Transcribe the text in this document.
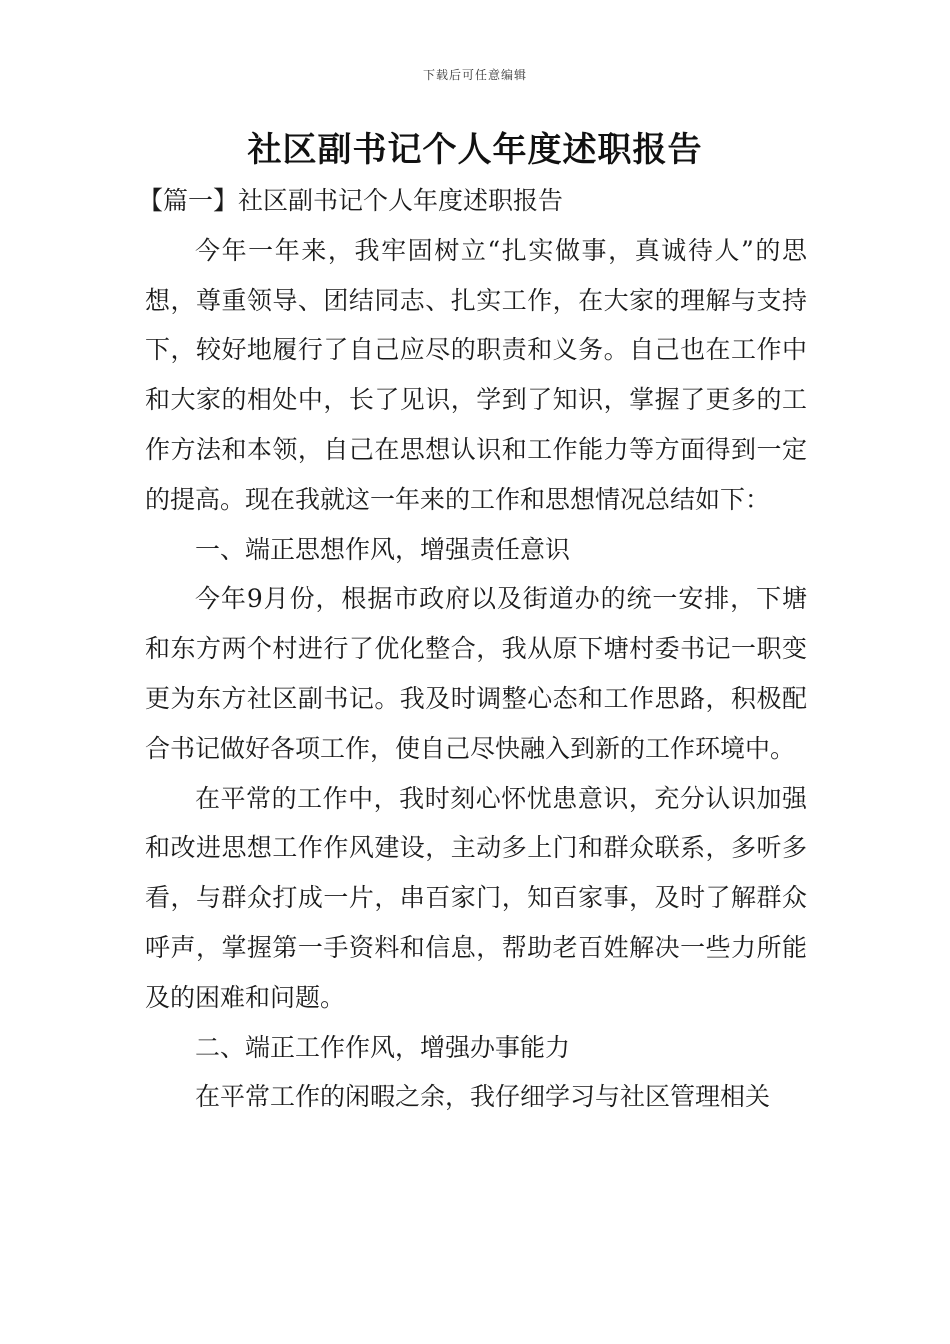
下载后可任意编辑
社区副书记个人年度述职报告

【篇一】社区副书记个人年度述职报告

今年一年来，我牢固树立“扎实做事，真诚待人”的思想，尊重领导、团结同志、扎实工作，在大家的理解与支持下，较好地履行了自己应尽的职责和义务。自己也在工作中和大家的相处中，长了见识，学到了知识，掌握了更多的工作方法和本领，自己在思想认识和工作能力等方面得到一定的提高。现在我就这一年来的工作和思想情况总结如下：

一、端正思想作风，增强责任意识

今年9月份，根据市政府以及街道办的统一安排，下塘和东方两个村进行了优化整合，我从原下塘村委书记一职变更为东方社区副书记。我及时调整心态和工作思路，积极配合书记做好各项工作，使自己尽快融入到新的工作环境中。

在平常的工作中，我时刻心怀忧患意识，充分认识加强和改进思想工作作风建设，主动多上门和群众联系，多听多看，与群众打成一片，串百家门，知百家事，及时了解群众呼声，掌握第一手资料和信息，帮助老百姓解决一些力所能及的困难和问题。

二、端正工作作风，增强办事能力

在平常工作的闲暇之余，我仔细学习与社区管理相关
